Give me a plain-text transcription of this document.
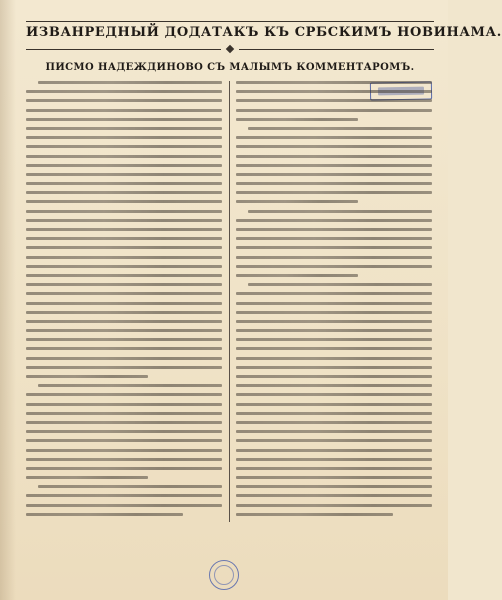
ИЗВАНРЕДНЫЙ ДОДАТАКЪ КЪ СРБСКИМЪ НОВИНАМА.
ПИСМО НАДЕЖДИНОВО СЪ МАЛЫМЪ КОММЕНТАРОМЪ.
